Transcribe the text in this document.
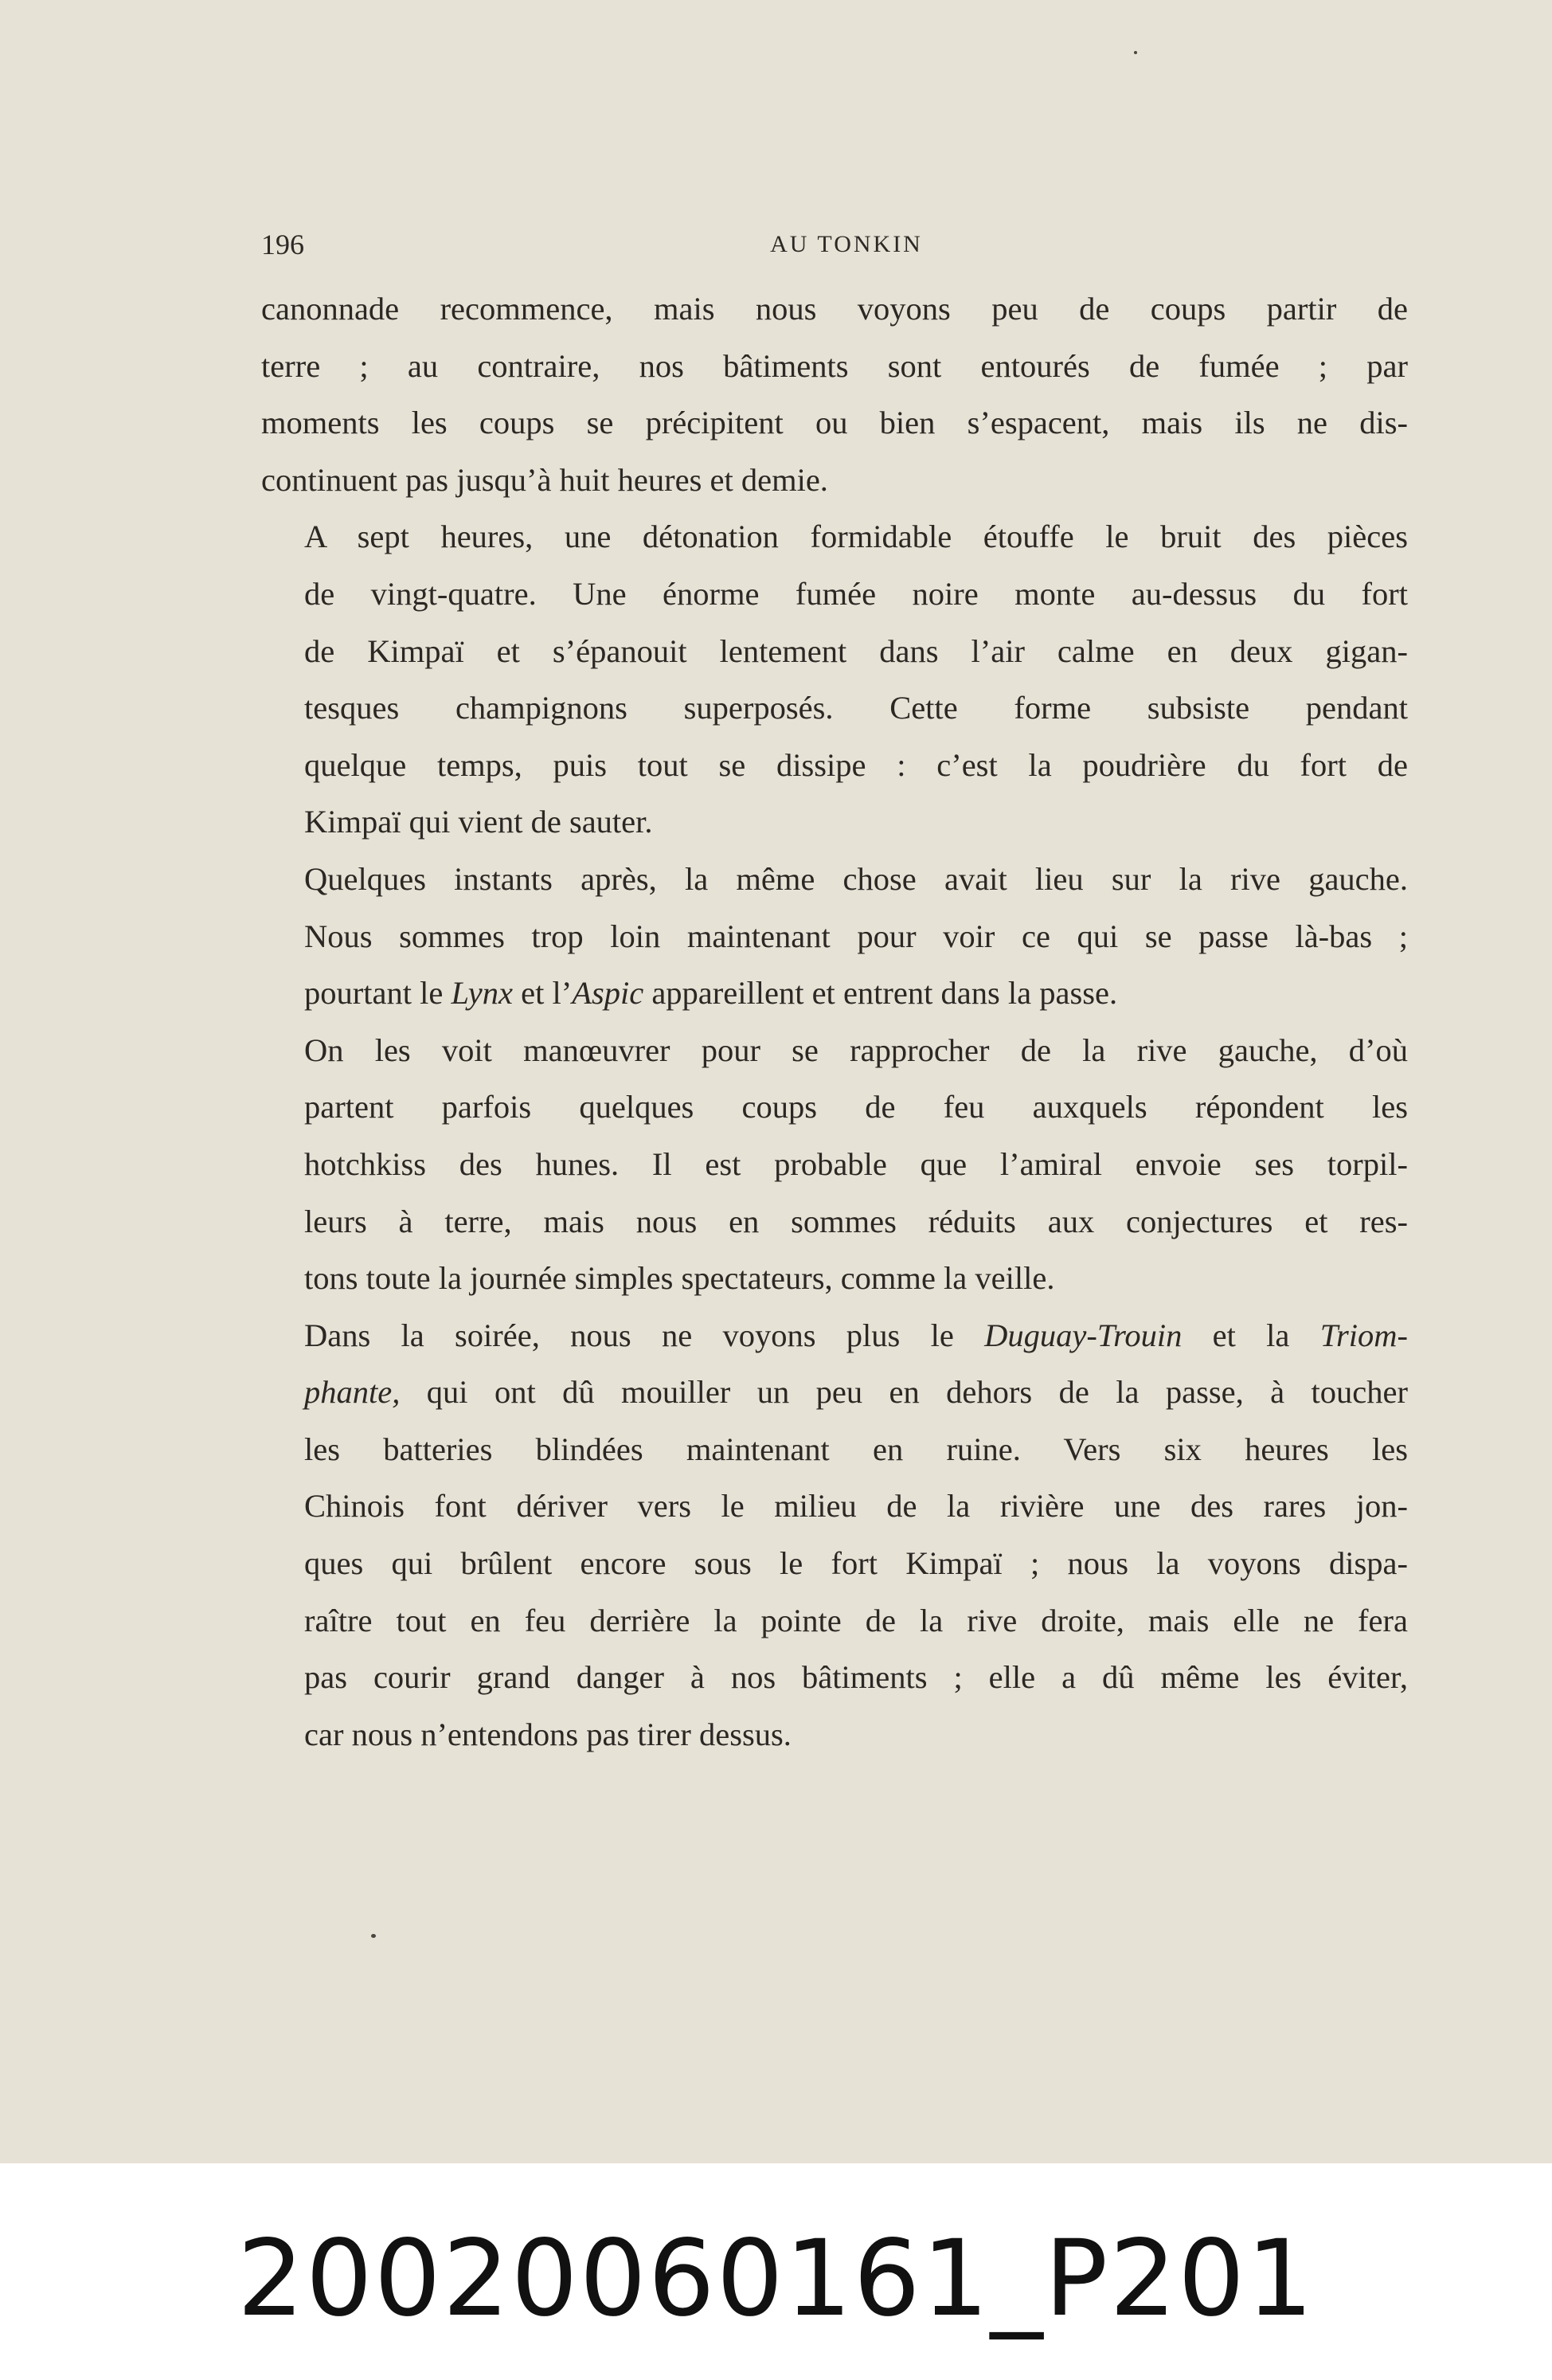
196	AU TONKIN

canonnade recommence, mais nous voyons peu de coups partir de
terre ; au contraire, nos bâtiments sont entourés de fumée ; par
moments les coups se précipitent ou bien s’espacent, mais ils ne dis-
continuent pas jusqu’à huit heures et demie.

A sept heures, une détonation formidable étouffe le bruit des pièces
de vingt-quatre. Une énorme fumée noire monte au-dessus du fort
de Kimpaï et s’épanouit lentement dans l’air calme en deux gigan-
tesques champignons superposés. Cette forme subsiste pendant
quelque temps, puis tout se dissipe : c’est la poudrière du fort de
Kimpaï qui vient de sauter.

Quelques instants après, la même chose avait lieu sur la rive gauche.
Nous sommes trop loin maintenant pour voir ce qui se passe là-bas ;
pourtant le Lynx et l’Aspic appareillent et entrent dans la passe.

On les voit manœuvrer pour se rapprocher de la rive gauche, d’où
partent parfois quelques coups de feu auxquels répondent les
hotchkiss des hunes. Il est probable que l’amiral envoie ses torpil-
leurs à terre, mais nous en sommes réduits aux conjectures et res-
tons toute la journée simples spectateurs, comme la veille.

Dans la soirée, nous ne voyons plus le Duguay-Trouin et la Triom-
phante, qui ont dû mouiller un peu en dehors de la passe, à toucher
les batteries blindées maintenant en ruine. Vers six heures les
Chinois font dériver vers le milieu de la rivière une des rares jon-
ques qui brûlent encore sous le fort Kimpaï ; nous la voyons dispa-
raître tout en feu derrière la pointe de la rive droite, mais elle ne fera
pas courir grand danger à nos bâtiments ; elle a dû même les éviter,
car nous n’entendons pas tirer dessus.

20020060161_P201
